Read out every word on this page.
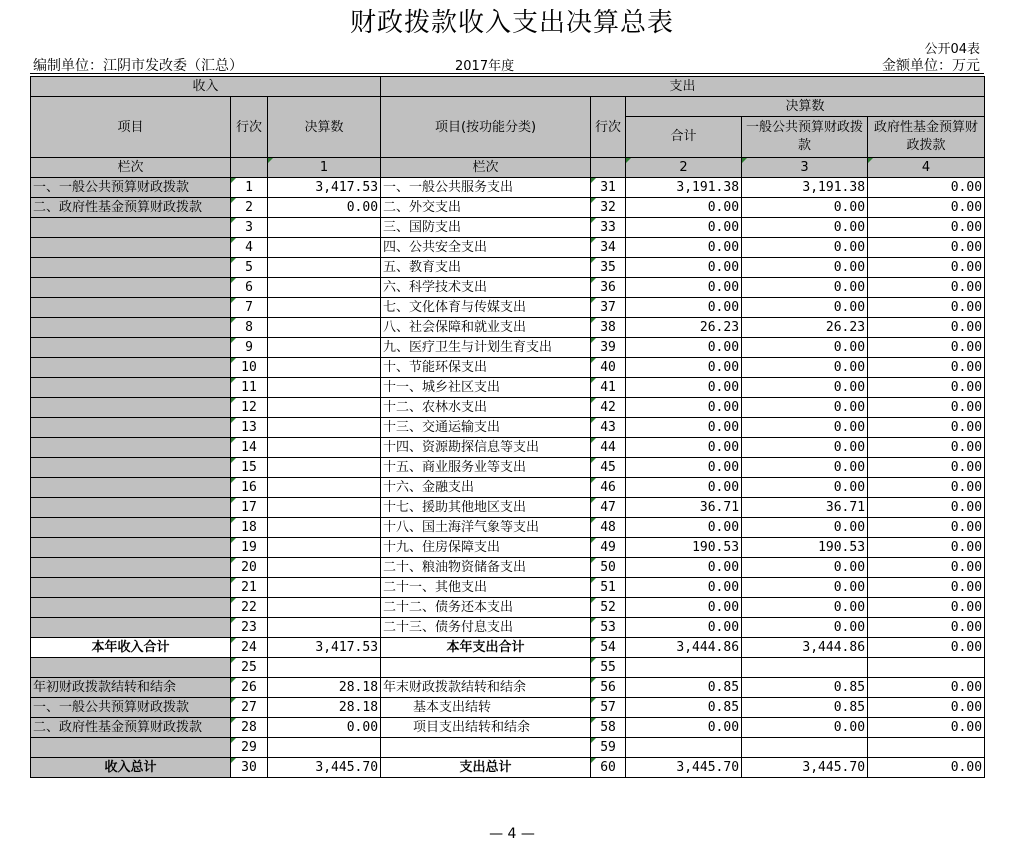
财政拨款收入支出决算总表
公开04表
编制单位：江阴市发改委（汇总）	2017年度	金额单位：万元
收入			支出				
项目	行次	决算数	项目(按功能分类)	行次	决算数		
					合计	一般公共预算财政拨款	政府性基金预算财政拨款
栏次		1	栏次		2	3	4
一、一般公共预算财政拨款	1	3,417.53	一、一般公共服务支出	31	3,191.38	3,191.38	0.00
二、政府性基金预算财政拨款	2	0.00	二、外交支出	32	0.00	0.00	0.00
	3		三、国防支出	33	0.00	0.00	0.00
	4		四、公共安全支出	34	0.00	0.00	0.00
	5		五、教育支出	35	0.00	0.00	0.00
	6		六、科学技术支出	36	0.00	0.00	0.00
	7		七、文化体育与传媒支出	37	0.00	0.00	0.00
	8		八、社会保障和就业支出	38	26.23	26.23	0.00
	9		九、医疗卫生与计划生育支出	39	0.00	0.00	0.00
	10		十、节能环保支出	40	0.00	0.00	0.00
	11		十一、城乡社区支出	41	0.00	0.00	0.00
	12		十二、农林水支出	42	0.00	0.00	0.00
	13		十三、交通运输支出	43	0.00	0.00	0.00
	14		十四、资源勘探信息等支出	44	0.00	0.00	0.00
	15		十五、商业服务业等支出	45	0.00	0.00	0.00
	16		十六、金融支出	46	0.00	0.00	0.00
	17		十七、援助其他地区支出	47	36.71	36.71	0.00
	18		十八、国土海洋气象等支出	48	0.00	0.00	0.00
	19		十九、住房保障支出	49	190.53	190.53	0.00
	20		二十、粮油物资储备支出	50	0.00	0.00	0.00
	21		二十一、其他支出	51	0.00	0.00	0.00
	22		二十二、债务还本支出	52	0.00	0.00	0.00
	23		二十三、债务付息支出	53	0.00	0.00	0.00
本年收入合计	24	3,417.53	本年支出合计	54	3,444.86	3,444.86	0.00
	25			55			
年初财政拨款结转和结余	26	28.18	年末财政拨款结转和结余	56	0.85	0.85	0.00
一、一般公共预算财政拨款	27	28.18	基本支出结转	57	0.85	0.85	0.00
二、政府性基金预算财政拨款	28	0.00	项目支出结转和结余	58	0.00	0.00	0.00
	29			59			
收入总计	30	3,445.70	支出总计	60	3,445.70	3,445.70	0.00
— 4 —
